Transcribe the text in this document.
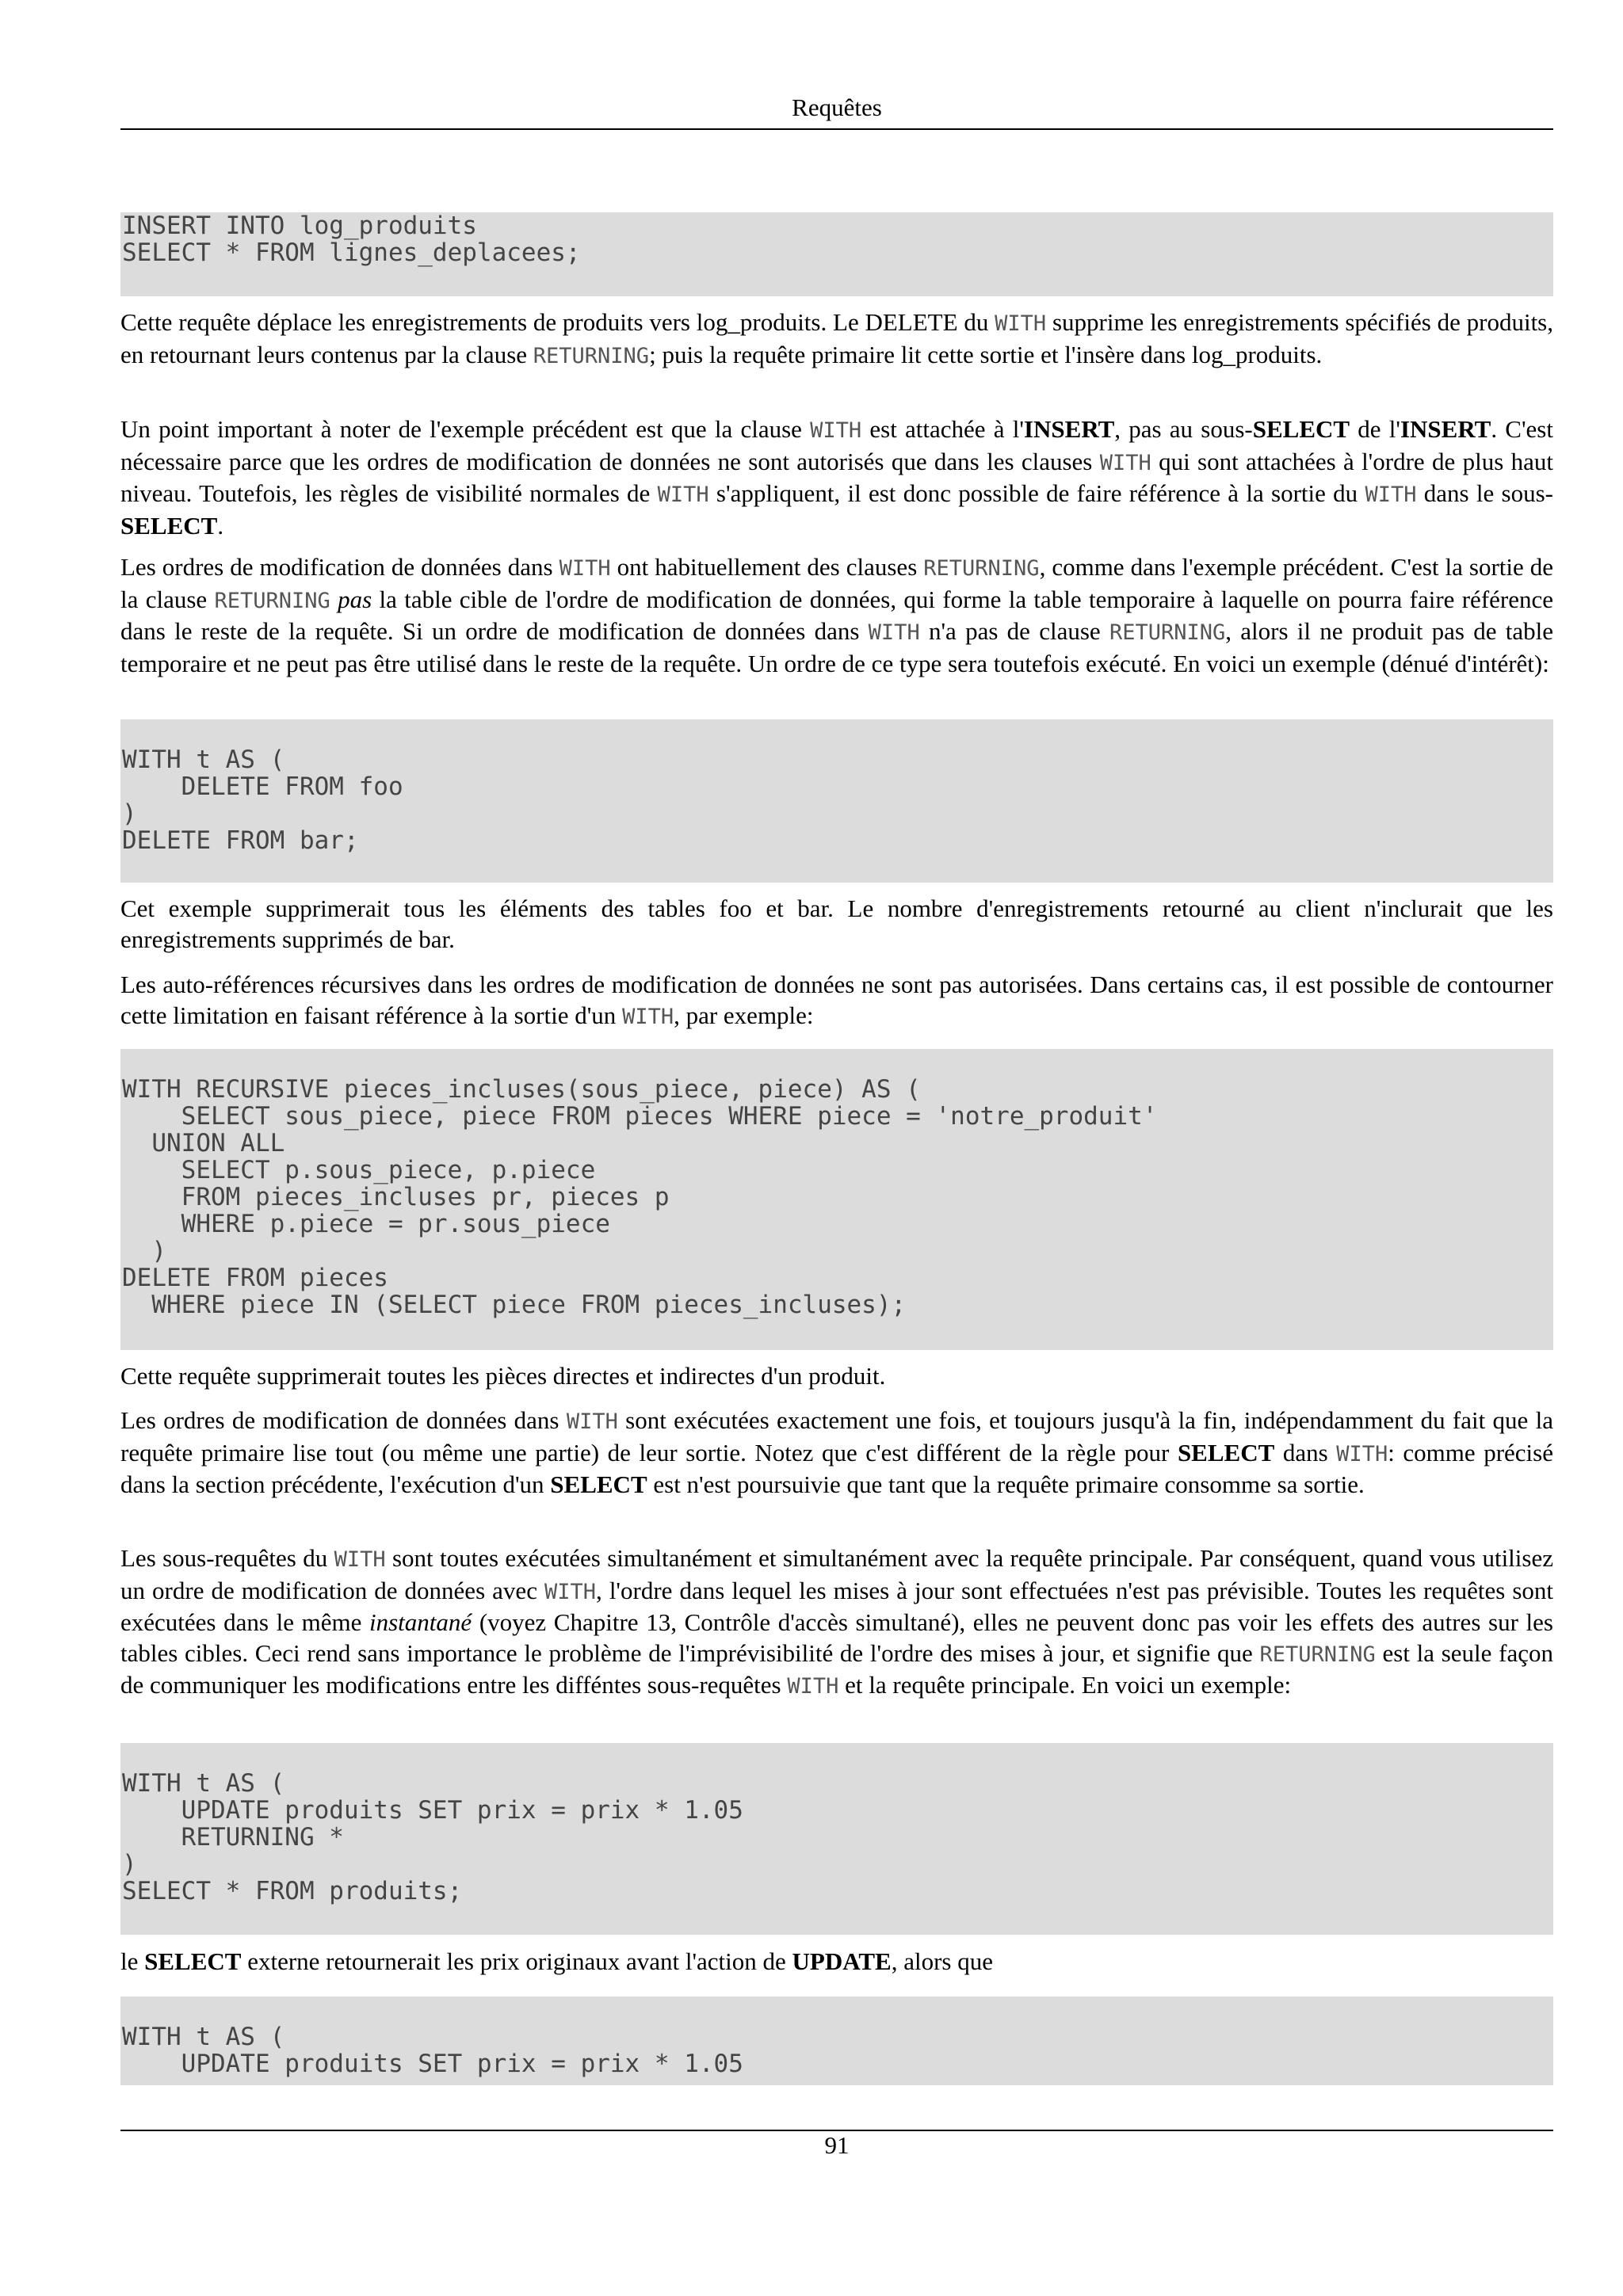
Requêtes
INSERT INTO log_produits
SELECT * FROM lignes_deplacees;

Cette requête déplace les enregistrements de produits vers log_produits. Le DELETE du WITH supprime les enregistrements spécifiés de produits, en retournant leurs contenus par la clause RETURNING; puis la requête primaire lit cette sortie et l'insère dans log_produits.

Un point important à noter de l'exemple précédent est que la clause WITH est attachée à l'INSERT, pas au sous-SELECT de l'INSERT. C'est nécessaire parce que les ordres de modification de données ne sont autorisés que dans les clauses WITH qui sont attachées à l'ordre de plus haut niveau. Toutefois, les règles de visibilité normales de WITH s'appliquent, il est donc possible de faire référence à la sortie du WITH dans le sous-SELECT.

Les ordres de modification de données dans WITH ont habituellement des clauses RETURNING, comme dans l'exemple précédent. C'est la sortie de la clause RETURNING pas la table cible de l'ordre de modification de données, qui forme la table temporaire à laquelle on pourra faire référence dans le reste de la requête. Si un ordre de modification de données dans WITH n'a pas de clause RETURNING, alors il ne produit pas de table temporaire et ne peut pas être utilisé dans le reste de la requête. Un ordre de ce type sera toutefois exécuté. En voici un exemple (dénué d'intérêt):

WITH t AS (
DELETE FROM foo
)
DELETE FROM bar;

Cet exemple supprimerait tous les éléments des tables foo et bar. Le nombre d'enregistrements retourné au client n'inclurait que les enregistrements supprimés de bar.

Les auto-références récursives dans les ordres de modification de données ne sont pas autorisées. Dans certains cas, il est possible de contourner cette limitation en faisant référence à la sortie d'un WITH, par exemple:

WITH RECURSIVE pieces_incluses(sous_piece, piece) AS (
SELECT sous_piece, piece FROM pieces WHERE piece = 'notre_produit'
UNION ALL
SELECT p.sous_piece, p.piece
FROM pieces_incluses pr, pieces p
WHERE p.piece = pr.sous_piece
)
DELETE FROM pieces
WHERE piece IN (SELECT piece FROM pieces_incluses);

Cette requête supprimerait toutes les pièces directes et indirectes d'un produit.

Les ordres de modification de données dans WITH sont exécutées exactement une fois, et toujours jusqu'à la fin, indépendamment du fait que la requête primaire lise tout (ou même une partie) de leur sortie. Notez que c'est différent de la règle pour SELECT dans WITH: comme précisé dans la section précédente, l'exécution d'un SELECT est n'est poursuivie que tant que la requête primaire consomme sa sortie.

Les sous-requêtes du WITH sont toutes exécutées simultanément et simultanément avec la requête principale. Par conséquent, quand vous utilisez un ordre de modification de données avec WITH, l'ordre dans lequel les mises à jour sont effectuées n'est pas prévisible. Toutes les requêtes sont exécutées dans le même instantané (voyez Chapitre 13, Contrôle d'accès simultané), elles ne peuvent donc pas voir les effets des autres sur les tables cibles. Ceci rend sans importance le problème de l'imprévisibilité de l'ordre des mises à jour, et signifie que RETURNING est la seule façon de communiquer les modifications entre les difféntes sous-requêtes WITH et la requête principale. En voici un exemple:

WITH t AS (
UPDATE produits SET prix = prix * 1.05
RETURNING *
)
SELECT * FROM produits;

le SELECT externe retournerait les prix originaux avant l'action de UPDATE, alors que

WITH t AS (
UPDATE produits SET prix = prix * 1.05
91
